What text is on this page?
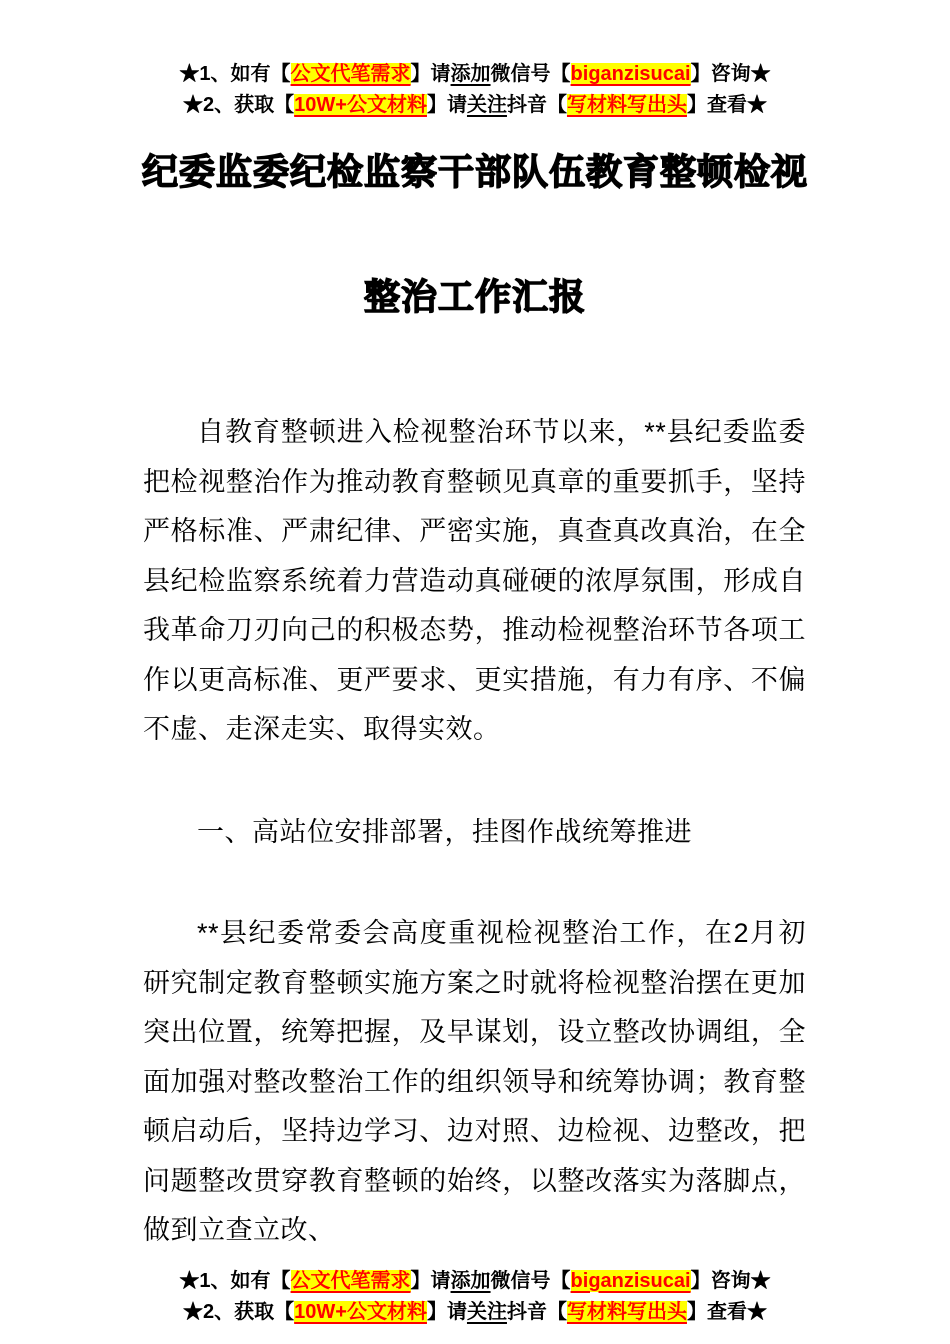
★1、如有【公文代笔需求】请添加微信号【biganzisucai】咨询★
★2、获取【10W+公文材料】请关注抖音【写材料写出头】查看★
纪委监委纪检监察干部队伍教育整顿检视
整治工作汇报

自教育整顿进入检视整治环节以来，**县纪委监委把检视整治作为推动教育整顿见真章的重要抓手，坚持严格标准、严肃纪律、严密实施，真查真改真治，在全县纪检监察系统着力营造动真碰硬的浓厚氛围，形成自我革命刀刃向己的积极态势，推动检视整治环节各项工作以更高标准、更严要求、更实措施，有力有序、不偏不虚、走深走实、取得实效。

一、高站位安排部署，挂图作战统筹推进

**县纪委常委会高度重视检视整治工作，在2月初研究制定教育整顿实施方案之时就将检视整治摆在更加突出位置，统筹把握，及早谋划，设立整改协调组，全面加强对整改整治工作的组织领导和统筹协调；教育整顿启动后，坚持边学习、边对照、边检视、边整改，把问题整改贯穿教育整顿的始终，以整改落实为落脚点，做到立查立改、

★1、如有【公文代笔需求】请添加微信号【biganzisucai】咨询★
★2、获取【10W+公文材料】请关注抖音【写材料写出头】查看★
